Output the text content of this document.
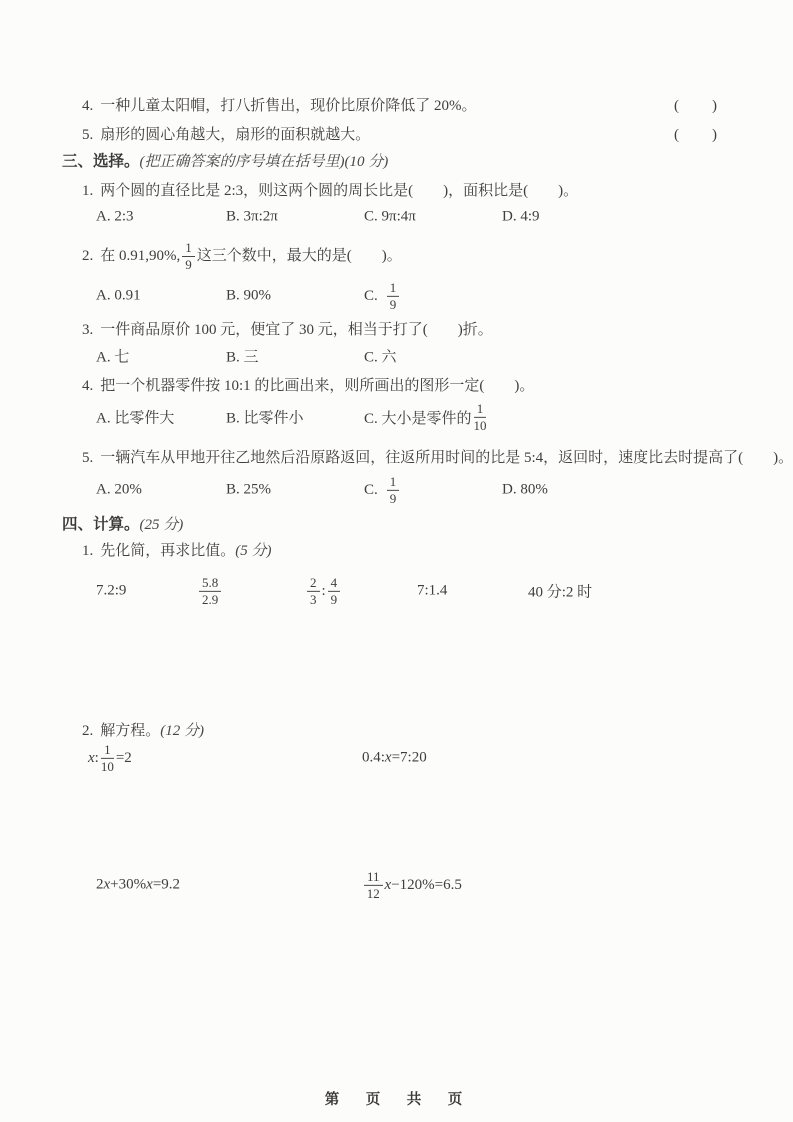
4. 一种儿童太阳帽，打八折售出，现价比原价降低了 20%。	(　　)
5. 扇形的圆心角越大，扇形的面积就越大。	(　　)
三、选择。(把正确答案的序号填在括号里)(10 分)
1. 两个圆的直径比是 2:3，则这两个圆的周长比是(　　)，面积比是(　　)。
A. 2:3	B. 3π:2π	C. 9π:4π	D. 4:9
2. 在 0.91,90%, $\frac{1}{9}$ 这三个数中，最大的是(　　)。
A. 0.91	B. 90%	C. $\frac{1}{9}$
3. 一件商品原价 100 元，便宜了 30 元，相当于打了(　　)折。
A. 七	B. 三	C. 六
4. 把一个机器零件按 10:1 的比画出来，则所画出的图形一定(　　)。
A. 比零件大	B. 比零件小	C. 大小是零件的 $\frac{1}{10}$
5. 一辆汽车从甲地开往乙地然后沿原路返回，往返所用时间的比是 5:4，返回时，速度比去时提高了(　　)。
A. 20%	B. 25%	C. $\frac{1}{9}$	D. 80%
四、计算。(25 分)
1. 先化简，再求比值。(5 分)
7.2:9	$\frac{5.8}{2.9}$	$\frac{2}{3}$ : $\frac{4}{9}$	7:1.4	40 分:2 时
2. 解方程。(12 分)
x : $\frac{1}{10} =2$	0.4: x =7:20
2 x +30% x =9.2	$\frac{11}{12}$ x −120%=6.5
第　页　共　页
